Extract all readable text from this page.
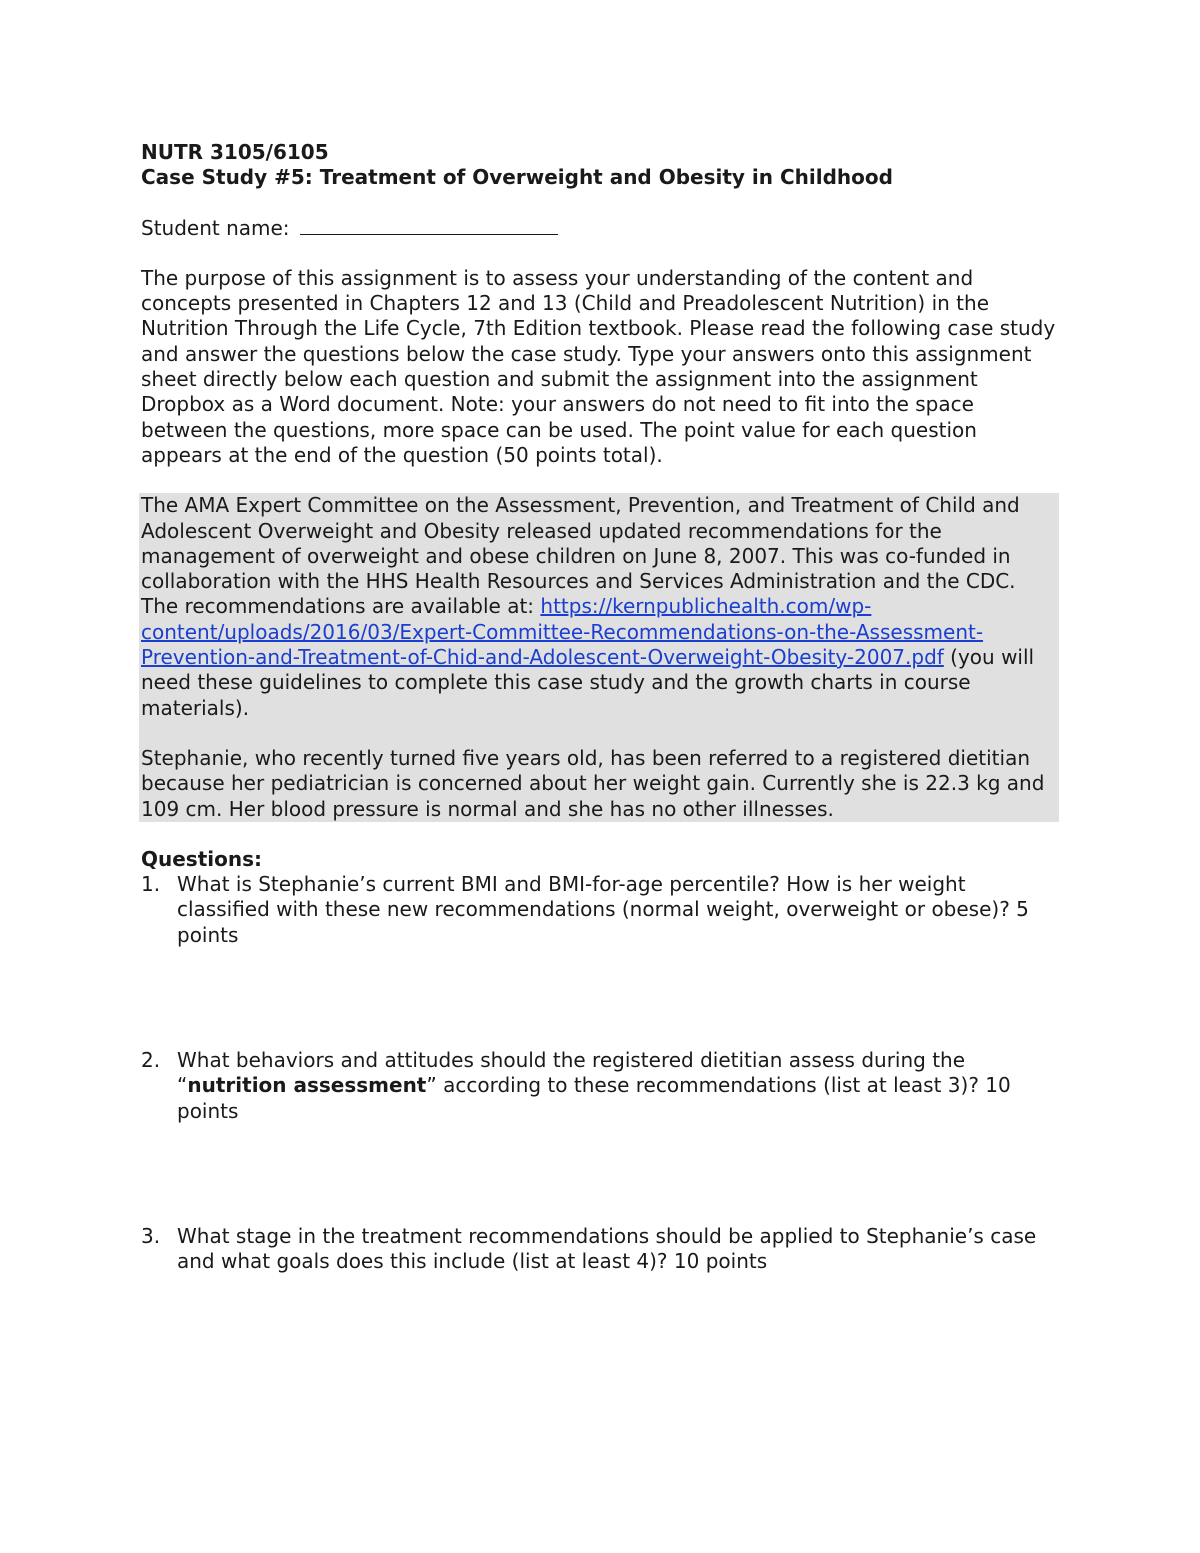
NUTR 3105/6105

Case Study #5: Treatment of Overweight and Obesity in Childhood

Student name:

The purpose of this assignment is to assess your understanding of the content and concepts presented in Chapters 12 and 13 (Child and Preadolescent Nutrition) in the Nutrition Through the Life Cycle, 7th Edition textbook. Please read the following case study and answer the questions below the case study. Type your answers onto this assignment sheet directly below each question and submit the assignment into the assignment Dropbox as a Word document. Note: your answers do not need to fit into the space between the questions, more space can be used. The point value for each question appears at the end of the question (50 points total).

The AMA Expert Committee on the Assessment, Prevention, and Treatment of Child and Adolescent Overweight and Obesity released updated recommendations for the management of overweight and obese children on June 8, 2007. This was co-funded in collaboration with the HHS Health Resources and Services Administration and the CDC. The recommendations are available at: https://kernpublichealth.com/wp-content/uploads/2016/03/Expert-Committee-Recommendations-on-the-Assessment-Prevention-and-Treatment-of-Chid-and-Adolescent-Overweight-Obesity-2007.pdf (you will need these guidelines to complete this case study and the growth charts in course materials).

Stephanie, who recently turned five years old, has been referred to a registered dietitian because her pediatrician is concerned about her weight gain. Currently she is 22.3 kg and 109 cm. Her blood pressure is normal and she has no other illnesses.

Questions:

1. What is Stephanie’s current BMI and BMI-for-age percentile? How is her weight classified with these new recommendations (normal weight, overweight or obese)? 5 points
2. What behaviors and attitudes should the registered dietitian assess during the “nutrition assessment” according to these recommendations (list at least 3)? 10 points
3. What stage in the treatment recommendations should be applied to Stephanie’s case and what goals does this include (list at least 4)? 10 points
